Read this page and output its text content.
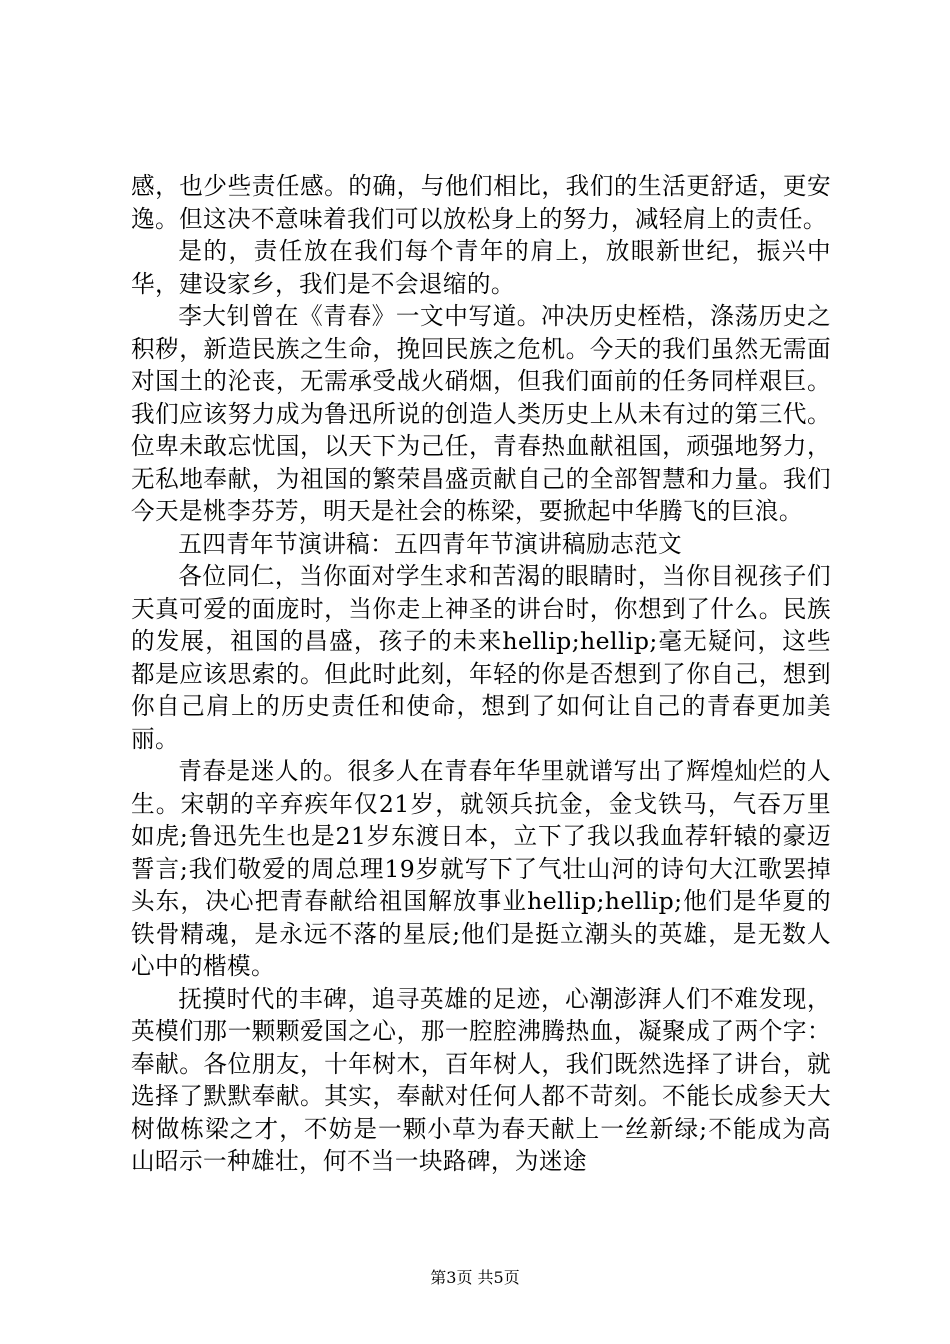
感，也少些责任感。的确，与他们相比，我们的生活更舒适，更安逸。但这决不意味着我们可以放松身上的努力，减轻肩上的责任。

是的，责任放在我们每个青年的肩上，放眼新世纪，振兴中华，建设家乡，我们是不会退缩的。

李大钊曾在《青春》一文中写道。冲决历史桎梏，涤荡历史之积秽，新造民族之生命，挽回民族之危机。今天的我们虽然无需面对国土的沦丧，无需承受战火硝烟，但我们面前的任务同样艰巨。我们应该努力成为鲁迅所说的创造人类历史上从未有过的第三代。位卑未敢忘忧国，以天下为己任，青春热血献祖国，顽强地努力，无私地奉献，为祖国的繁荣昌盛贡献自己的全部智慧和力量。我们今天是桃李芬芳，明天是社会的栋梁，要掀起中华腾飞的巨浪。

五四青年节演讲稿：五四青年节演讲稿励志范文

各位同仁，当你面对学生求和苦渴的眼睛时，当你目视孩子们天真可爱的面庞时，当你走上神圣的讲台时，你想到了什么。民族的发展，祖国的昌盛，孩子的未来hellip;hellip;毫无疑问，这些都是应该思索的。但此时此刻，年轻的你是否想到了你自己，想到你自己肩上的历史责任和使命，想到了如何让自己的青春更加美丽。

青春是迷人的。很多人在青春年华里就谱写出了辉煌灿烂的人生。宋朝的辛弃疾年仅21岁，就领兵抗金，金戈铁马，气吞万里如虎;鲁迅先生也是21岁东渡日本，立下了我以我血荐轩辕的豪迈誓言;我们敬爱的周总理19岁就写下了气壮山河的诗句大江歌罢掉头东，决心把青春献给祖国解放事业hellip;hellip;他们是华夏的铁骨精魂，是永远不落的星辰;他们是挺立潮头的英雄，是无数人心中的楷模。

抚摸时代的丰碑，追寻英雄的足迹，心潮澎湃人们不难发现，英模们那一颗颗爱国之心，那一腔腔沸腾热血，凝聚成了两个字：奉献。各位朋友，十年树木，百年树人，我们既然选择了讲台，就选择了默默奉献。其实，奉献对任何人都不苛刻。不能长成参天大树做栋梁之才，不妨是一颗小草为春天献上一丝新绿;不能成为高山昭示一种雄壮，何不当一块路碑，为迷途

第3页 共5页
